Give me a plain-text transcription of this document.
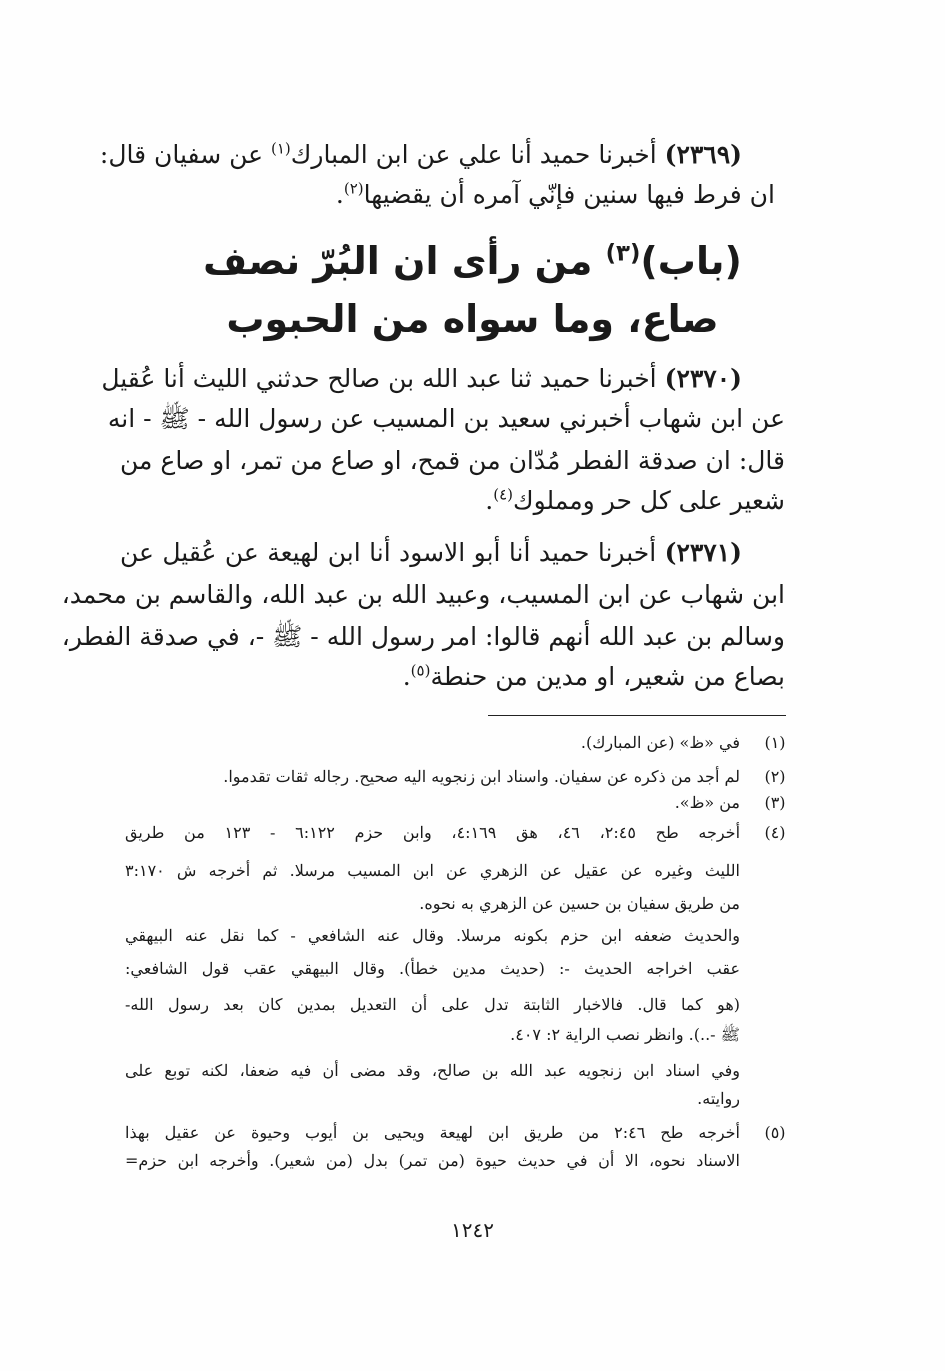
(٢٣٦٩) أخبرنا حميد أنا علي عن ابن المبارك$^{(١)}$ عن سفيان قال:
ان فرط فيها سنين فإنّي آمره أن يقضيها$^{(٢)}$.
(باب)$^{(٣)}$ من رأى ان البُرّ نصف
صاع، وما سواه من الحبوب
(٢٣٧٠) أخبرنا حميد ثنا عبد الله بن صالح حدثني الليث أنا عُقيل
عن ابن شهاب أخبرني سعيد بن المسيب عن رسول الله - ﷺ - انه
قال: ان صدقة الفطر مُدّان من قمح، او صاع من تمر، او صاع من
شعير على كل حر ومملوك$^{(٤)}$.
(٢٣٧١) أخبرنا حميد أنا أبو الاسود أنا ابن لهيعة عن عُقيل عن
ابن شهاب عن ابن المسيب، وعبيد الله بن عبد الله، والقاسم بن محمد،
وسالم بن عبد الله أنهم قالوا: امر رسول الله - ﷺ -، في صدقة الفطر،
بصاع من شعير، او مدين من حنطة$^{(٥)}$.
(١)
في «ظ» (عن المبارك).
(٢)
لم أجد من ذكره عن سفيان. واسناد ابن زنجويه اليه صحيح. رجاله ثقات تقدموا.
(٣)
من «ظ».
(٤)
أخرجه طح ٢:٤٥، ٤٦، هق ٤:١٦٩، وابن حزم ٦:١٢٢ - ١٢٣ من طريق
الليث وغيره عن عقيل عن الزهري عن ابن المسيب مرسلا. ثم أخرجه ش ٣:١٧٠
من طريق سفيان بن حسين عن الزهري به نحوه.
والحديث ضعفه ابن حزم بكونه مرسلا. وقال عنه الشافعي - كما نقل عنه البيهقي
عقب اخراجه الحديث -: (حديث مدين خطأ). وقال البيهقي عقب قول الشافعي:
(هو كما قال. فالاخبار الثابتة تدل على أن التعديل بمدين كان بعد رسول الله-
ﷺ -..). وانظر نصب الراية ٢: ٤٠٧.
وفي اسناد ابن زنجويه عبد الله بن صالح، وقد مضى أن فيه ضعفا، لكنه توبع على
روايته.
(٥)
أخرجه طح ٢:٤٦ من طريق ابن لهيعة ويحيى بن أيوب وحيوة عن عقيل بهذا
الاسناد نحوه، الا أن في حديث حيوة (من تمر) بدل (من شعير). وأخرجه ابن حزم=
١٢٤٢
